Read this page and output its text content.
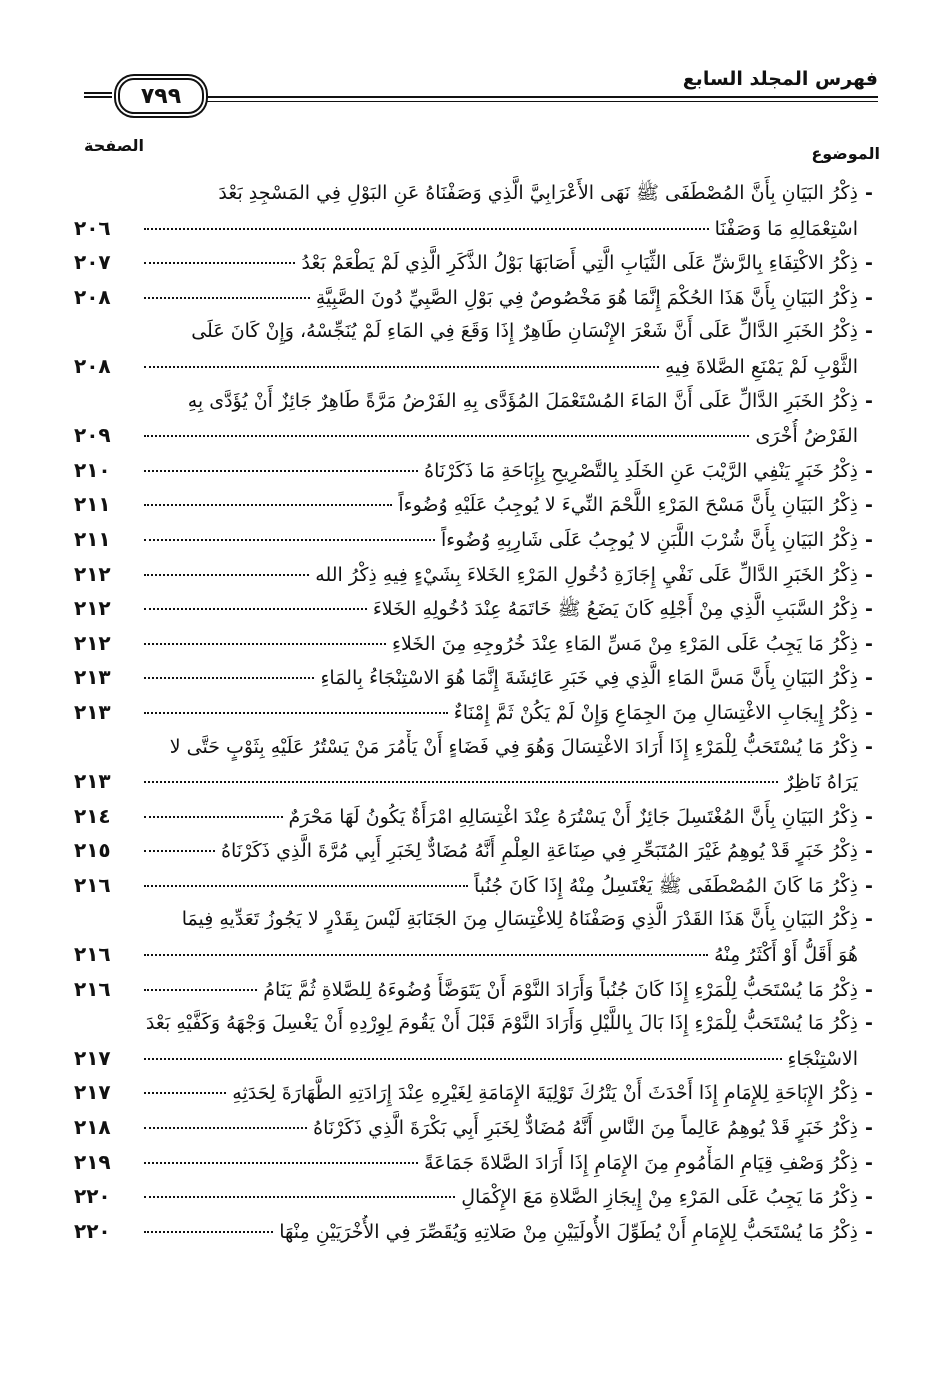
٧٩٩
فهرس المجلد السابع
الموضوع
الصفحة
-
ذِكْرُ البَيَانِ بِأَنَّ المُصْطَفَى ﷺ نَهَى الأَعْرَابِيَّ الَّذِي وَصَفْنَاهُ عَنِ البَوْلِ فِي المَسْجِدِ بَعْدَ
اسْتِعْمَالِهِ مَا وَصَفْنَا
٢٠٦
-
ذِكْرُ الاكْتِفَاءِ بِالرَّشِّ عَلَى الثِّيَابِ الَّتِي أَصَابَهَا بَوْلُ الذَّكَرِ الَّذِي لَمْ يَطْعَمْ بَعْدُ
٢٠٧
-
ذِكْرُ البَيَانِ بِأَنَّ هَذَا الحُكْمَ إِنَّمَا هُوَ مَخْصُوصٌ فِي بَوْلِ الصَّبِيِّ دُونَ الصَّبِيَّةِ
٢٠٨
-
ذِكْرُ الخَبَرِ الدَّالِّ عَلَى أَنَّ شَعْرَ الإِنْسَانِ طَاهِرٌ إِذَا وَقَعَ فِي المَاءِ لَمْ يُنَجِّسْهُ، وَإِنْ كَانَ عَلَى
الثَّوْبِ لَمْ يَمْنَعِ الصَّلاةَ فِيهِ
٢٠٨
-
ذِكْرُ الخَبَرِ الدَّالِّ عَلَى أَنَّ المَاءَ المُسْتَعْمَلَ المُؤَدَّى بِهِ الفَرْضُ مَرَّةً طَاهِرٌ جَائِزٌ أَنْ يُؤَدَّى بِهِ
الفَرْضُ أُخْرَى
٢٠٩
-
ذِكْرُ خَبَرٍ يَنْفِي الرَّيْبَ عَنِ الخَلَدِ بِالتَّصْرِيحِ بِإِبَاحَةِ مَا ذَكَرْنَاهُ
٢١٠
-
ذِكْرُ البَيَانِ بِأَنَّ مَسْحَ المَرْءِ اللَّحْمَ النِّيءَ لا يُوجِبُ عَلَيْهِ وُضُوءاً
٢١١
-
ذِكْرُ البَيَانِ بِأَنَّ شُرْبَ اللَّبَنِ لا يُوجِبُ عَلَى شَارِبِهِ وُضُوءاً
٢١١
-
ذِكْرُ الخَبَرِ الدَّالِّ عَلَى نَفْيِ إِجَازَةِ دُخُولِ المَرْءِ الخَلاءَ بِشَيْءٍ فِيهِ ذِكْرُ الله
٢١٢
-
ذِكْرُ السَّبَبِ الَّذِي مِنْ أَجْلِهِ كَانَ يَضَعُ ﷺ خَاتَمَهُ عِنْدَ دُخُولِهِ الخَلاءَ
٢١٢
-
ذِكْرُ مَا يَجِبُ عَلَى المَرْءِ مِنْ مَسِّ المَاءِ عِنْدَ خُرُوجِهِ مِنَ الخَلاءِ
٢١٢
-
ذِكْرُ البَيَانِ بِأَنَّ مَسَّ المَاءِ الَّذِي فِي خَبَرِ عَائِشَةَ إِنَّمَا هُوَ الاسْتِنْجَاءُ بِالمَاءِ
٢١٣
-
ذِكْرُ إِيجَابِ الاغْتِسَالِ مِنَ الجِمَاعِ وَإِنْ لَمْ يَكُنْ ثَمَّ إِمْنَاءٌ
٢١٣
-
ذِكْرُ مَا يُسْتَحَبُّ لِلْمَرْءِ إِذَا أَرَادَ الاغْتِسَالَ وَهُوَ فِي فَضَاءٍ أَنْ يَأْمُرَ مَنْ يَسْتُرُ عَلَيْهِ بِثَوْبٍ حَتَّى لا
يَرَاهُ نَاظِرٌ
٢١٣
-
ذِكْرُ البَيَانِ بِأَنَّ المُغْتَسِلَ جَائِزٌ أَنْ يَسْتُرَهُ عِنْدَ اغْتِسَالِهِ امْرَأَةٌ يَكُونُ لَهَا مَحْرَمٌ
٢١٤
-
ذِكْرُ خَبَرٍ قَدْ يُوهِمُ غَيْرَ المُتَبَحِّرِ فِي صِنَاعَةِ العِلْمِ أَنَّهُ مُضَادٌّ لِخَبَرِ أَبِي مُرَّةَ الَّذِي ذَكَرْنَاهُ
٢١٥
-
ذِكْرُ مَا كَانَ المُصْطَفَى ﷺ يَغْتَسِلُ مِنْهُ إِذَا كَانَ جُنُباً
٢١٦
-
ذِكْرُ البَيَانِ بِأَنَّ هَذَا القَدْرَ الَّذِي وَصَفْنَاهُ لِلاغْتِسَالِ مِنَ الجَنَابَةِ لَيْسَ بِقَدْرٍ لا يَجُوزُ تَعَدِّيهِ فِيمَا
هُوَ أَقَلُّ أَوْ أَكْثَرُ مِنْهُ
٢١٦
-
ذِكْرُ مَا يُسْتَحَبُّ لِلْمَرْءِ إِذَا كَانَ جُنُباً وَأَرَادَ النَّوْمَ أَنْ يَتَوَضَّأَ وُضُوءَهُ لِلصَّلاةِ ثُمَّ يَنَامُ
٢١٦
-
ذِكْرُ مَا يُسْتَحَبُّ لِلْمَرْءِ إِذَا بَالَ بِاللَّيْلِ وَأَرَادَ النَّوْمَ قَبْلَ أَنْ يَقُومَ لِوِرْدِهِ أَنْ يَغْسِلَ وَجْهَهُ وَكَفَّيْهِ بَعْدَ
الاسْتِنْجَاءِ
٢١٧
-
ذِكْرُ الإِبَاحَةِ لِلإِمَامِ إِذَا أَحْدَثَ أَنْ يَتْرُكَ تَوْلِيَةَ الإِمَامَةِ لِغَيْرِهِ عِنْدَ إِرَادَتِهِ الطَّهَارَةَ لِحَدَثِهِ
٢١٧
-
ذِكْرُ خَبَرٍ قَدْ يُوهِمُ عَالِماً مِنَ النَّاسِ أَنَّهُ مُضَادٌّ لِخَبَرِ أَبِي بَكْرَةَ الَّذِي ذَكَرْنَاهُ
٢١٨
-
ذِكْرُ وَصْفِ قِيَامِ المَأْمُومِ مِنَ الإِمَامِ إِذَا أَرَادَ الصَّلاةَ جَمَاعَةً
٢١٩
-
ذِكْرُ مَا يَجِبُ عَلَى المَرْءِ مِنْ إِيجَازِ الصَّلاةِ مَعَ الإِكْمَالِ
٢٢٠
-
ذِكْرُ مَا يُسْتَحَبُّ لِلإِمَامِ أَنْ يُطَوِّلَ الأُولَيَيْنِ مِنْ صَلاتِهِ وَيُقَصِّرَ فِي الأُخْرَيَيْنِ مِنْهَا
٢٢٠
